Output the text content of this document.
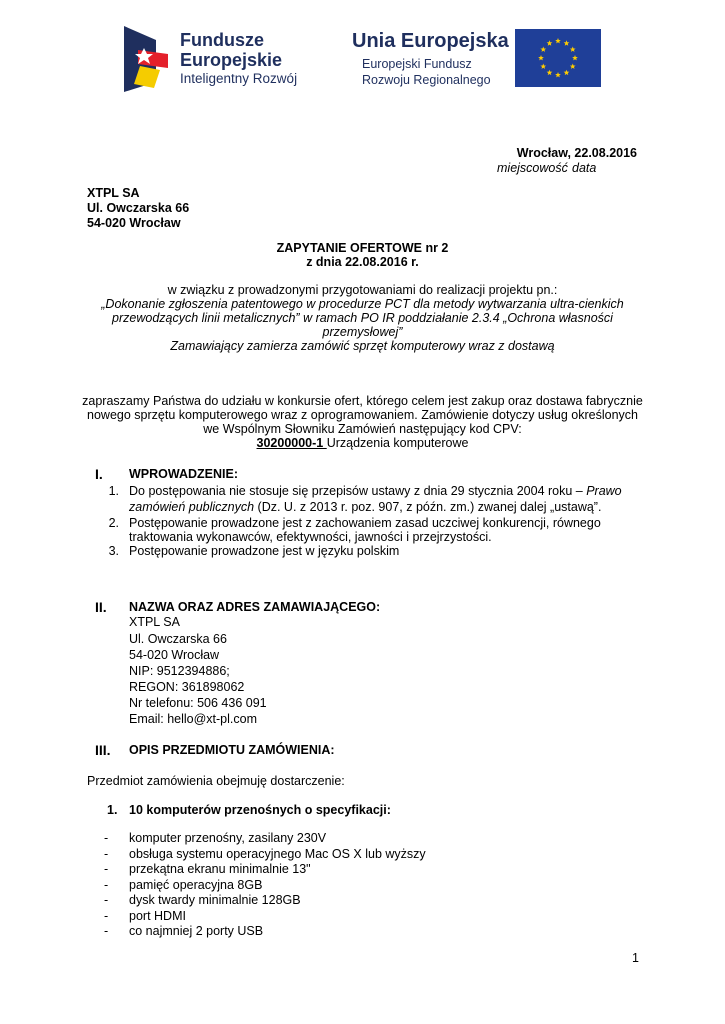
Fundusze
Europejskie
Inteligentny Rozwój
Unia Europejska
Europejski Fundusz
Rozwoju Regionalnego
Wrocław, 22.08.2016
miejscowość data
XTPL SA
Ul. Owczarska 66
54-020 Wrocław
ZAPYTANIE OFERTOWE nr 2
z dnia 22.08.2016 r.
w związku z prowadzonymi przygotowaniami do realizacji projektu pn.:
„Dokonanie zgłoszenia patentowego w procedurze PCT dla metody wytwarzania ultra-cienkich
przewodzących linii metalicznych” w ramach PO IR poddziałanie 2.3.4 „Ochrona własności
przemysłowej”
Zamawiający zamierza zamówić sprzęt komputerowy wraz z dostawą
zapraszamy Państwa do udziału w konkursie ofert, którego celem jest zakup oraz dostawa fabrycznie
nowego sprzętu komputerowego wraz z oprogramowaniem. Zamówienie dotyczy usług określonych
we Wspólnym Słowniku Zamówień następujący kod CPV:
30200000-1 Urządzenia komputerowe
I. WPROWADZENIE:
1. Do postępowania nie stosuje się przepisów ustawy z dnia 29 stycznia 2004 roku – Prawo
zamówień publicznych (Dz. U. z 2013 r. poz. 907, z późn. zm.) zwanej dalej „ustawą”.
2. Postępowanie prowadzone jest z zachowaniem zasad uczciwej konkurencji, równego
traktowania wykonawców, efektywności, jawności i przejrzystości.
3. Postępowanie prowadzone jest w języku polskim
II. NAZWA ORAZ ADRES ZAMAWIAJĄCEGO:
XTPL SA
Ul. Owczarska 66
54-020 Wrocław
NIP: 9512394886;
REGON: 361898062
Nr telefonu: 506 436 091
Email: hello@xt-pl.com
III. OPIS PRZEDMIOTU ZAMÓWIENIA:
Przedmiot zamówienia obejmuję dostarczenie:
1. 10 komputerów przenośnych o specyfikacji:
- komputer przenośny, zasilany 230V
- obsługa systemu operacyjnego Mac OS X lub wyższy
- przekątna ekranu minimalnie 13"
- pamięć operacyjna 8GB
- dysk twardy minimalnie 128GB
- port HDMI
- co najmniej 2 porty USB
1
